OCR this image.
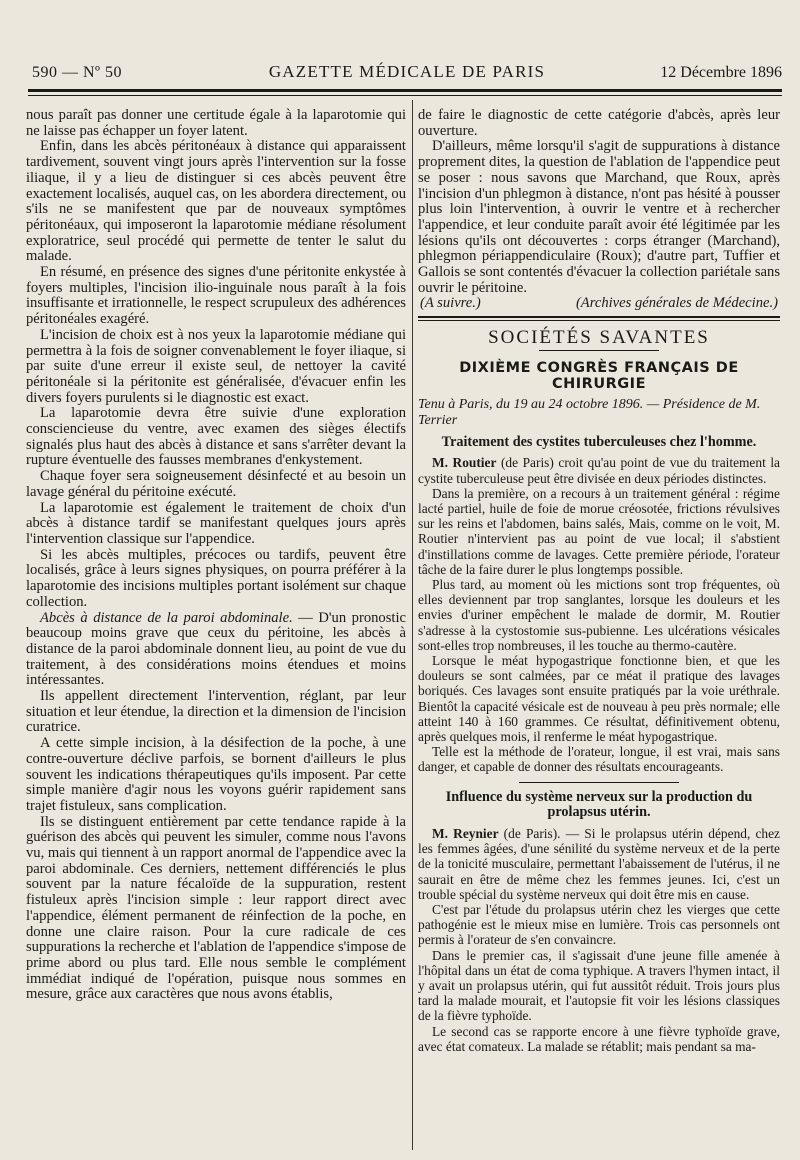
590 — Nº 50	GAZETTE MÉDICALE DE PARIS	12 Décembre 1896

nous paraît pas donner une certitude égale à la laparotomie qui ne laisse pas échapper un foyer latent.

Enfin, dans les abcès péritonéaux à distance qui apparaissent tardivement, souvent vingt jours après l'intervention sur la fosse iliaque, il y a lieu de distinguer si ces abcès peuvent être exactement localisés, auquel cas, on les abordera directement, ou s'ils ne se manifestent que par de nouveaux symptômes péritonéaux, qui imposeront la laparotomie médiane résolument exploratrice, seul procédé qui permette de tenter le salut du malade.

En résumé, en présence des signes d'une péritonite enkystée à foyers multiples, l'incision ilio-inguinale nous paraît à la fois insuffisante et irrationnelle, le respect scrupuleux des adhérences péritonéales exagéré.

L'incision de choix est à nos yeux la laparotomie médiane qui permettra à la fois de soigner convenablement le foyer iliaque, si par suite d'une erreur il existe seul, de nettoyer la cavité péritonéale si la péritonite est généralisée, d'évacuer enfin les divers foyers purulents si le diagnostic est exact.

La laparotomie devra être suivie d'une exploration consciencieuse du ventre, avec examen des sièges électifs signalés plus haut des abcès à distance et sans s'arrêter devant la rupture éventuelle des fausses membranes d'enkystement.

Chaque foyer sera soigneusement désinfecté et au besoin un lavage général du péritoine exécuté.

La laparotomie est également le traitement de choix d'un abcès à distance tardif se manifestant quelques jours après l'intervention classique sur l'appendice.

Si les abcès multiples, précoces ou tardifs, peuvent être localisés, grâce à leurs signes physiques, on pourra préférer à la laparotomie des incisions multiples portant isolément sur chaque collection.

Abcès à distance de la paroi abdominale. — D'un pronostic beaucoup moins grave que ceux du péritoine, les abcès à distance de la paroi abdominale donnent lieu, au point de vue du traitement, à des considérations moins étendues et moins intéressantes.

Ils appellent directement l'intervention, réglant, par leur situation et leur étendue, la direction et la dimension de l'incision curatrice.

A cette simple incision, à la désifection de la poche, à une contre-ouverture déclive parfois, se bornent d'ailleurs le plus souvent les indications thérapeutiques qu'ils imposent. Par cette simple manière d'agir nous les voyons guérir rapidement sans trajet fistuleux, sans complication.

Ils se distinguent entièrement par cette tendance rapide à la guérison des abcès qui peuvent les simuler, comme nous l'avons vu, mais qui tiennent à un rapport anormal de l'appendice avec la paroi abdominale. Ces derniers, nettement différenciés le plus souvent par la nature fécaloïde de la suppuration, restent fistuleux après l'incision simple : leur rapport direct avec l'appendice, élément permanent de réinfection de la poche, en donne une claire raison. Pour la cure radicale de ces suppurations la recherche et l'ablation de l'appendice s'impose de prime abord ou plus tard. Elle nous semble le complément immédiat indiqué de l'opération, puisque nous sommes en mesure, grâce aux caractères que nous avons établis,

de faire le diagnostic de cette catégorie d'abcès, après leur ouverture.

D'ailleurs, même lorsqu'il s'agit de suppurations à distance proprement dites, la question de l'ablation de l'appendice peut se poser : nous savons que Marchand, que Roux, après l'incision d'un phlegmon à distance, n'ont pas hésité à pousser plus loin l'intervention, à ouvrir le ventre et à rechercher l'appendice, et leur conduite paraît avoir été légitimée par les lésions qu'ils ont découvertes : corps étranger (Marchand), phlegmon périappendiculaire (Roux); d'autre part, Tuffier et Gallois se sont contentés d'évacuer la collection pariétale sans ouvrir le péritoine.

(A suivre.)	(Archives générales de Médecine.)
SOCIÉTÉS SAVANTES
DIXIÈME CONGRÈS FRANÇAIS DE CHIRURGIE
Tenu à Paris, du 19 au 24 octobre 1896. — Présidence de M. Terrier
Traitement des cystites tuberculeuses chez l'homme.

M. Routier (de Paris) croit qu'au point de vue du traitement la cystite tuberculeuse peut être divisée en deux périodes distinctes.

Dans la première, on a recours à un traitement général : régime lacté partiel, huile de foie de morue créosotée, frictions révulsives sur les reins et l'abdomen, bains salés, Mais, comme on le voit, M. Routier n'intervient pas au point de vue local; il s'abstient d'instillations comme de lavages. Cette première période, l'orateur tâche de la faire durer le plus longtemps possible.

Plus tard, au moment où les mictions sont trop fréquentes, où elles deviennent par trop sanglantes, lorsque les douleurs et les envies d'uriner empêchent le malade de dormir, M. Routier s'adresse à la cystostomie sus-pubienne. Les ulcérations vésicales sont-elles trop nombreuses, il les touche au thermo-cautère.

Lorsque le méat hypogastrique fonctionne bien, et que les douleurs se sont calmées, par ce méat il pratique des lavages boriqués. Ces lavages sont ensuite pratiqués par la voie uréthrale. Bientôt la capacité vésicale est de nouveau à peu près normale; elle atteint 140 à 160 grammes. Ce résultat, définitivement obtenu, après quelques mois, il renferme le méat hypogastrique.

Telle est la méthode de l'orateur, longue, il est vrai, mais sans danger, et capable de donner des résultats encourageants.

Influence du système nerveux sur la production du prolapsus utérin.

M. Reynier (de Paris). — Si le prolapsus utérin dépend, chez les femmes âgées, d'une sénilité du système nerveux et de la perte de la tonicité musculaire, permettant l'abaissement de l'utérus, il ne saurait en être de même chez les femmes jeunes. Ici, c'est un trouble spécial du système nerveux qui doit être mis en cause.

C'est par l'étude du prolapsus utérin chez les vierges que cette pathogénie est le mieux mise en lumière. Trois cas personnels ont permis à l'orateur de s'en convaincre.

Dans le premier cas, il s'agissait d'une jeune fille amenée à l'hôpital dans un état de coma typhique. A travers l'hymen intact, il y avait un prolapsus utérin, qui fut aussitôt réduit. Trois jours plus tard la malade mourait, et l'autopsie fit voir les lésions classiques de la fièvre typhoïde.

Le second cas se rapporte encore à une fièvre typhoïde grave, avec état comateux. La malade se rétablit; mais pendant sa ma-
